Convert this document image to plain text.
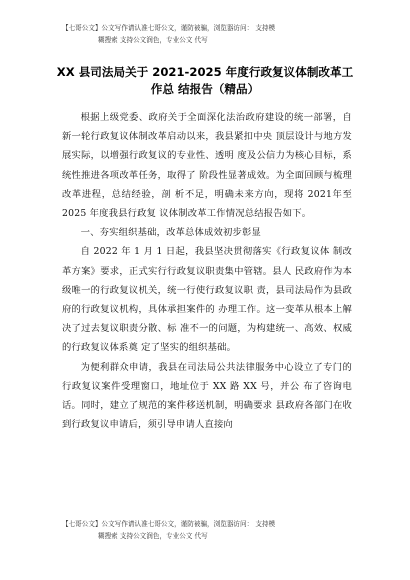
【七哥公文】公文写作请认准七哥公文，谨防被骗，浏览器访问： 支持模
糊搜索 支持公文润色，专业公文 代写
XX 县司法局关于 2021-2025 年度行政复议体制改革工
作总 结报告（精品）

根据上级党委、政府关于全面深化法治政府建设的统一部署，自新一轮行政复议体制改革启动以来，我县紧扣中央 顶层设计与地方发展实际，以增强行政复议的专业性、透明 度及公信力为核心目标，系统性推进各项改革任务，取得了 阶段性显著成效。为全面回顾与梳理改革进程，总结经验，剖 析不足，明确未来方向，现将 2021年至 2025 年度我县行政复 议体制改革工作情况总结报告如下。

一、夯实组织基础，改革总体成效初步彰显

自 2022 年 1 月 1 日起，我县坚决贯彻落实《行政复议体 制改革方案》要求，正式实行行政复议职责集中管辖。县人 民政府作为本级唯一的行政复议机关，统一行使行政复议职 责，县司法局作为县政府的行政复议机构，具体承担案件的 办理工作。这一变革从根本上解决了过去复议职责分散、标 准不一的问题，为构建统一、高效、权威的行政复议体系奠 定了坚实的组织基础。

为便利群众申请，我县在司法局公共法律服务中心设立了专门的行政复议案件受理窗口，地址位于 XX 路 XX 号，并公 布了咨询电话。同时，建立了规范的案件移送机制，明确要求 县政府各部门在收到行政复议申请后，须引导申请人直接向

【七哥公文】公文写作请认准七哥公文，谨防被骗，浏览器访问： 支持模
糊搜索 支持公文润色，专业公文 代写
